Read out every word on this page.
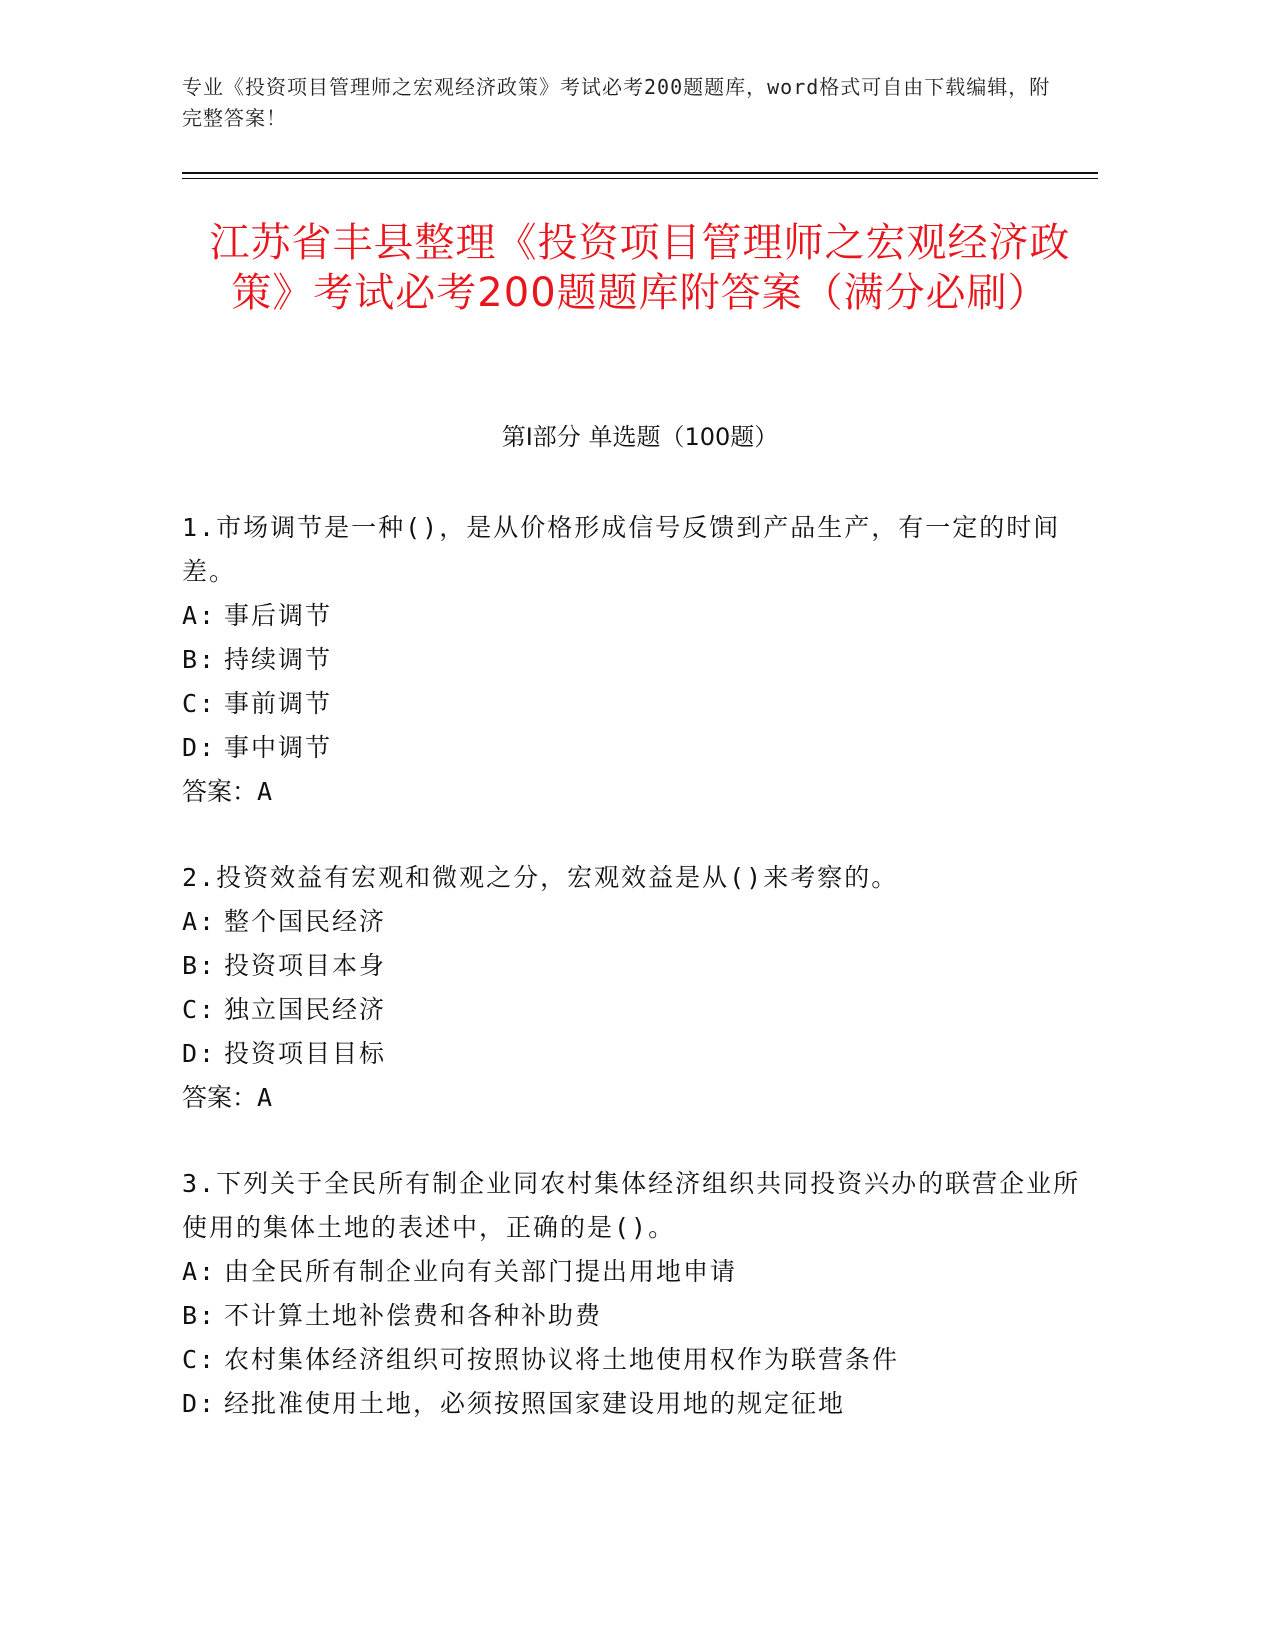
专业《投资项目管理师之宏观经济政策》考试必考200题题库，word格式可自由下载编辑，附完整答案！
江苏省丰县整理《投资项目管理师之宏观经济政策》考试必考200题题库附答案（满分必刷）
第I部分 单选题（100题）
1.市场调节是一种()，是从价格形成信号反馈到产品生产，有一定的时间差。
A: 事后调节
B: 持续调节
C: 事前调节
D: 事中调节
答案：A
2.投资效益有宏观和微观之分，宏观效益是从()来考察的。
A: 整个国民经济
B: 投资项目本身
C: 独立国民经济
D: 投资项目目标
答案：A
3.下列关于全民所有制企业同农村集体经济组织共同投资兴办的联营企业所使用的集体土地的表述中，正确的是()。
A: 由全民所有制企业向有关部门提出用地申请
B: 不计算土地补偿费和各种补助费
C: 农村集体经济组织可按照协议将土地使用权作为联营条件
D: 经批准使用土地，必须按照国家建设用地的规定征地
